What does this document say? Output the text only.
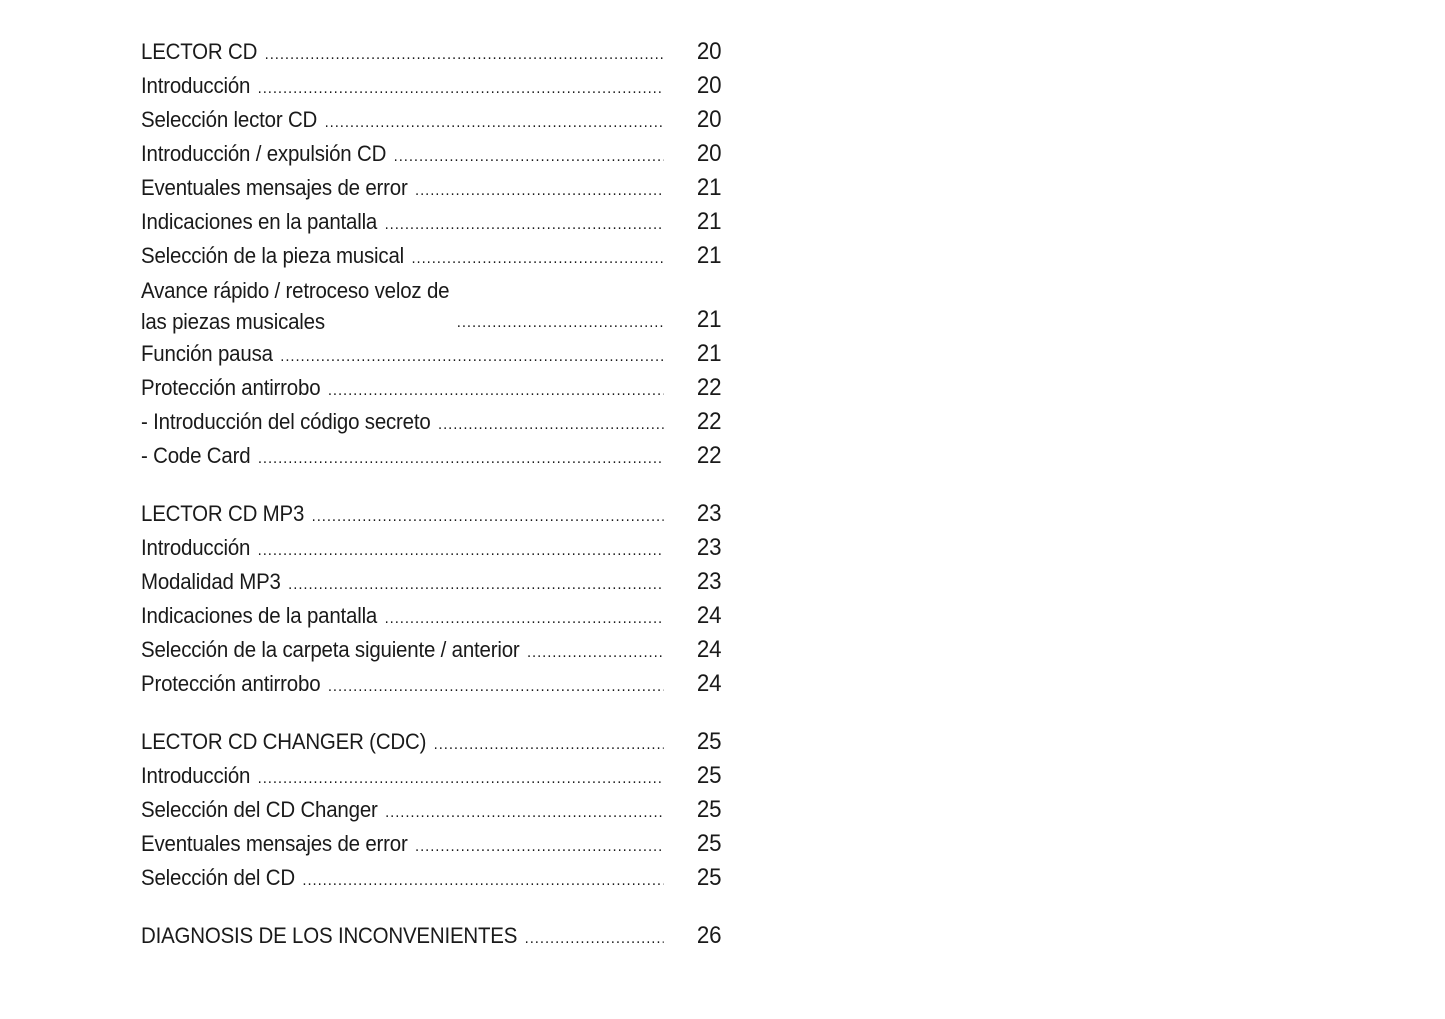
LECTOR CD .....	20
Introducción .....	20
Selección lector CD .....	20
Introducción / expulsión CD .....	20
Eventuales mensajes de error .....	21
Indicaciones en la pantalla .....	21
Selección de la pieza musical .....	21
Avance rápido / retroceso veloz de
las piezas musicales .....	21
Función pausa .....	21
Protección antirrobo .....	22
- Introducción del código secreto .....	22
- Code Card .....	22
LECTOR CD MP3 .....	23
Introducción .....	23
Modalidad MP3 .....	23
Indicaciones de la pantalla .....	24
Selección de la carpeta siguiente / anterior .....	24
Protección antirrobo .....	24
LECTOR CD CHANGER (CDC) .....	25
Introducción .....	25
Selección del CD Changer .....	25
Eventuales mensajes de error .....	25
Selección del CD .....	25
DIAGNOSIS DE LOS INCONVENIENTES .....	26
